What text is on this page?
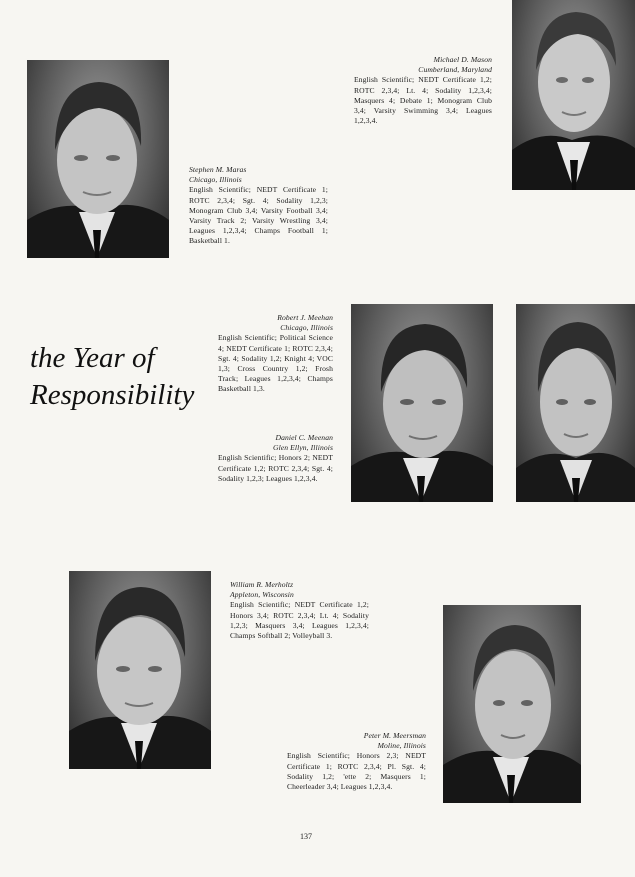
Michael D. Mason
Cumberland, Maryland
English Scientific; NEDT Certificate 1,2; ROTC 2,3,4; Lt. 4; Sodality 1,2,3,4; Masquers 4; Debate 1; Monogram Club 3,4; Varsity Swimming 3,4; Leagues 1,2,3,4.
Stephen M. Maras
Chicago, Illinois
English Scientific; NEDT Certificate 1; ROTC 2,3,4; Sgt. 4; Sodality 1,2,3; Monogram Club 3,4; Varsity Football 3,4; Varsity Track 2; Varsity Wrestling 3,4; Leagues 1,2,3,4; Champs Football 1; Basketball 1.
Robert J. Meehan
Chicago, Illinois
English Scientific; Political Science 4; NEDT Certificate 1; ROTC 2,3,4; Sgt. 4; Sodality 1,2; Knight 4; VOC 1,3; Cross Country 1,2; Frosh Track; Leagues 1,2,3,4; Champs Basketball 1,3.
Daniel C. Meenan
Glen Ellyn, Illinois
English Scientific; Honors 2; NEDT Certificate 1,2; ROTC 2,3,4; Sgt. 4; Sodality 1,2,3; Leagues 1,2,3,4.
William R. Merholtz
Appleton, Wisconsin
English Scientific; NEDT Certificate 1,2; Honors 3,4; ROTC 2,3,4; Lt. 4; Sodality 1,2,3; Masquers 3,4; Leagues 1,2,3,4; Champs Softball 2; Volleyball 3.
Peter M. Meersman
Moline, Illinois
English Scientific; Honors 2,3; NEDT Certificate 1; ROTC 2,3,4; Pl. Sgt. 4; Sodality 1,2; 'ette 2; Masquers 1; Cheerleader 3,4; Leagues 1,2,3,4.
the Year of
Responsibility
137
